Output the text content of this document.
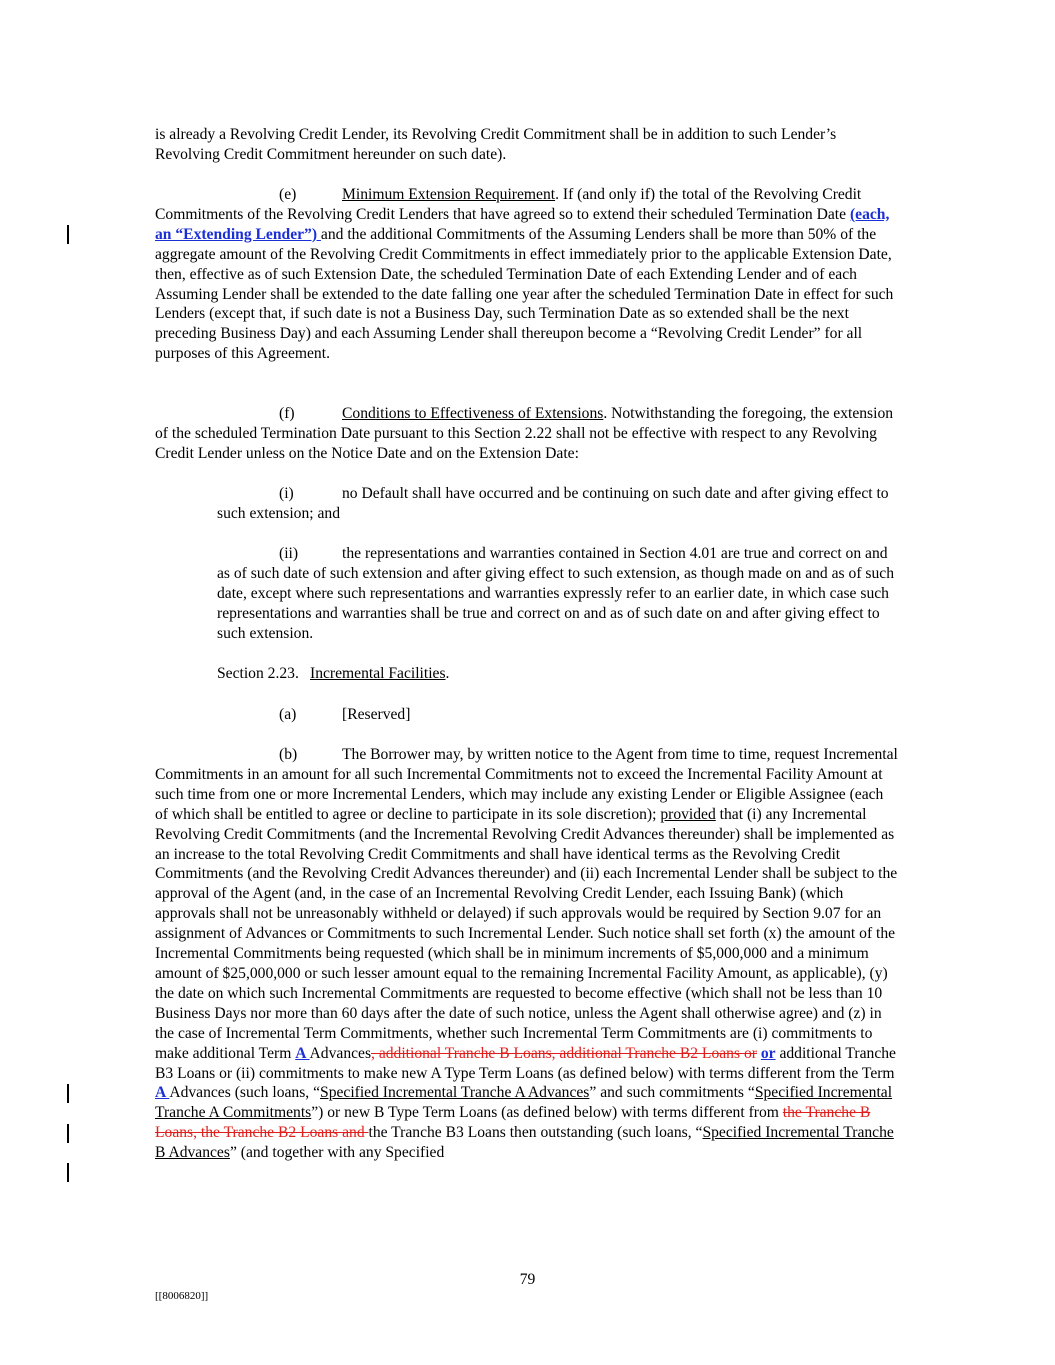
is already a Revolving Credit Lender, its Revolving Credit Commitment shall be in addition to such Lender’s Revolving Credit Commitment hereunder on such date).

(e)	Minimum Extension Requirement. If (and only if) the total of the Revolving Credit Commitments of the Revolving Credit Lenders that have agreed so to extend their scheduled Termination Date (each, an “Extending Lender”) and the additional Commitments of the Assuming Lenders shall be more than 50% of the aggregate amount of the Revolving Credit Commitments in effect immediately prior to the applicable Extension Date, then, effective as of such Extension Date, the scheduled Termination Date of each Extending Lender and of each Assuming Lender shall be extended to the date falling one year after the scheduled Termination Date in effect for such Lenders (except that, if such date is not a Business Day, such Termination Date as so extended shall be the next preceding Business Day) and each Assuming Lender shall thereupon become a “Revolving Credit Lender” for all purposes of this Agreement.

(f)	Conditions to Effectiveness of Extensions. Notwithstanding the foregoing, the extension of the scheduled Termination Date pursuant to this Section 2.22 shall not be effective with respect to any Revolving Credit Lender unless on the Notice Date and on the Extension Date:

(i)	no Default shall have occurred and be continuing on such date and after giving effect to such extension; and

(ii)	the representations and warranties contained in Section 4.01 are true and correct on and as of such date of such extension and after giving effect to such extension, as though made on and as of such date, except where such representations and warranties expressly refer to an earlier date, in which case such representations and warranties shall be true and correct on and as of such date on and after giving effect to such extension.

Section 2.23. Incremental Facilities.

(a)	[Reserved]

(b)	The Borrower may, by written notice to the Agent from time to time, request Incremental Commitments in an amount for all such Incremental Commitments not to exceed the Incremental Facility Amount at such time from one or more Incremental Lenders, which may include any existing Lender or Eligible Assignee (each of which shall be entitled to agree or decline to participate in its sole discretion); provided that (i) any Incremental Revolving Credit Commitments (and the Incremental Revolving Credit Advances thereunder) shall be implemented as an increase to the total Revolving Credit Commitments and shall have identical terms as the Revolving Credit Commitments (and the Revolving Credit Advances thereunder) and (ii) each Incremental Lender shall be subject to the approval of the Agent (and, in the case of an Incremental Revolving Credit Lender, each Issuing Bank) (which approvals shall not be unreasonably withheld or delayed) if such approvals would be required by Section 9.07 for an assignment of Advances or Commitments to such Incremental Lender. Such notice shall set forth (x) the amount of the Incremental Commitments being requested (which shall be in minimum increments of $5,000,000 and a minimum amount of $25,000,000 or such lesser amount equal to the remaining Incremental Facility Amount, as applicable), (y) the date on which such Incremental Commitments are requested to become effective (which shall not be less than 10 Business Days nor more than 60 days after the date of such notice, unless the Agent shall otherwise agree) and (z) in the case of Incremental Term Commitments, whether such Incremental Term Commitments are (i) commitments to make additional Term A Advances, additional Tranche B Loans, additional Tranche B2 Loans or or additional Tranche B3 Loans or (ii) commitments to make new A Type Term Loans (as defined below) with terms different from the Term A Advances (such loans, “Specified Incremental Tranche A Advances” and such commitments “Specified Incremental Tranche A Commitments”) or new B Type Term Loans (as defined below) with terms different from the Tranche B Loans, the Tranche B2 Loans and the Tranche B3 Loans then outstanding (such loans, “Specified Incremental Tranche B Advances” (and together with any Specified

79
[[8006820]]
